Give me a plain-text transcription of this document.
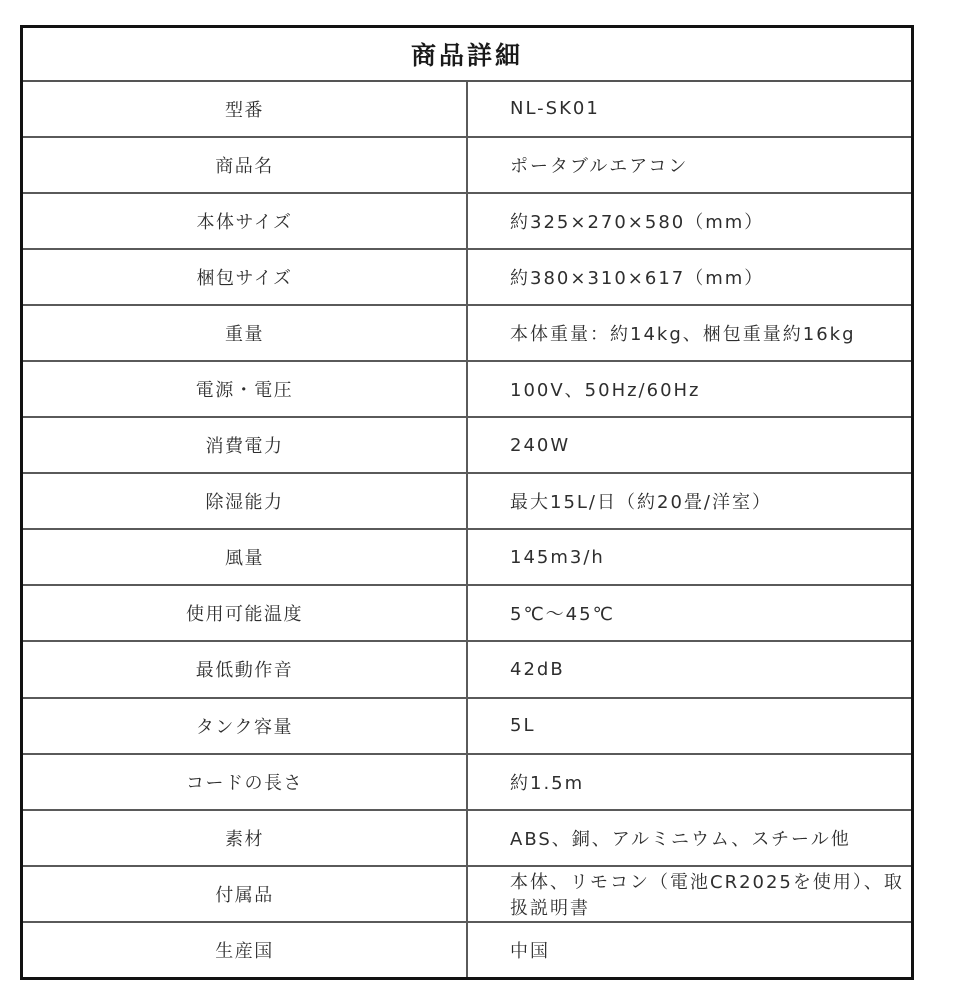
商品詳細	
型番	NL-SK01
商品名	ポータブルエアコン
本体サイズ	約325×270×580（mm）
梱包サイズ	約380×310×617（mm）
重量	本体重量：約14kg、梱包重量約16kg
電源・電圧	100V、50Hz/60Hz
消費電力	240W
除湿能力	最大15L/日（約20畳/洋室）
風量	145m3/h
使用可能温度	5℃～45℃
最低動作音	42dB
タンク容量	5L
コードの長さ	約1.5m
素材	ABS、銅、アルミニウム、スチール他
付属品	本体、リモコン（電池CR2025を使用）、取扱説明書
生産国	中国
